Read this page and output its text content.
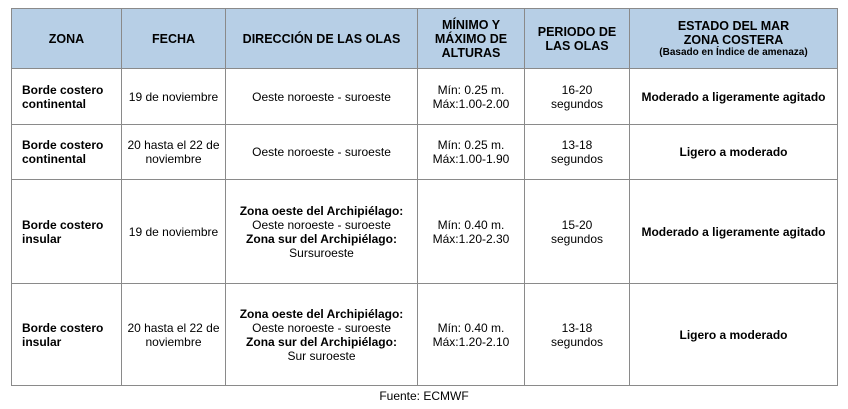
ZONA	FECHA	DIRECCIÓN DE LAS OLAS	MÍNIMO Y
MÁXIMO DE
ALTURAS	PERIODO DE
LAS OLAS	ESTADO DEL MAR
ZONA COSTERA
(Basado en Índice de amenaza)

Borde costero
continental	19 de noviembre	Oeste noroeste - suroeste	Mín: 0.25 m.
Máx:1.00-2.00	16-20
segundos	Moderado a ligeramente agitado

Borde costero
continental	20 hasta el 22 de
noviembre	Oeste noroeste - suroeste	Mín: 0.25 m.
Máx:1.00-1.90	13-18
segundos	Ligero a moderado

Borde costero
insular	19 de noviembre	Zona oeste del Archipiélago:
Oeste noroeste - suroeste
Zona sur del Archipiélago:
Sursuroeste	Mín: 0.40 m.
Máx:1.20-2.30	15-20
segundos	Moderado a ligeramente agitado

Borde costero
insular	20 hasta el 22 de
noviembre	Zona oeste del Archipiélago:
Oeste noroeste - suroeste
Zona sur del Archipiélago:
Sur suroeste	Mín: 0.40 m.
Máx:1.20-2.10	13-18
segundos	Ligero a moderado
Fuente: ECMWF
